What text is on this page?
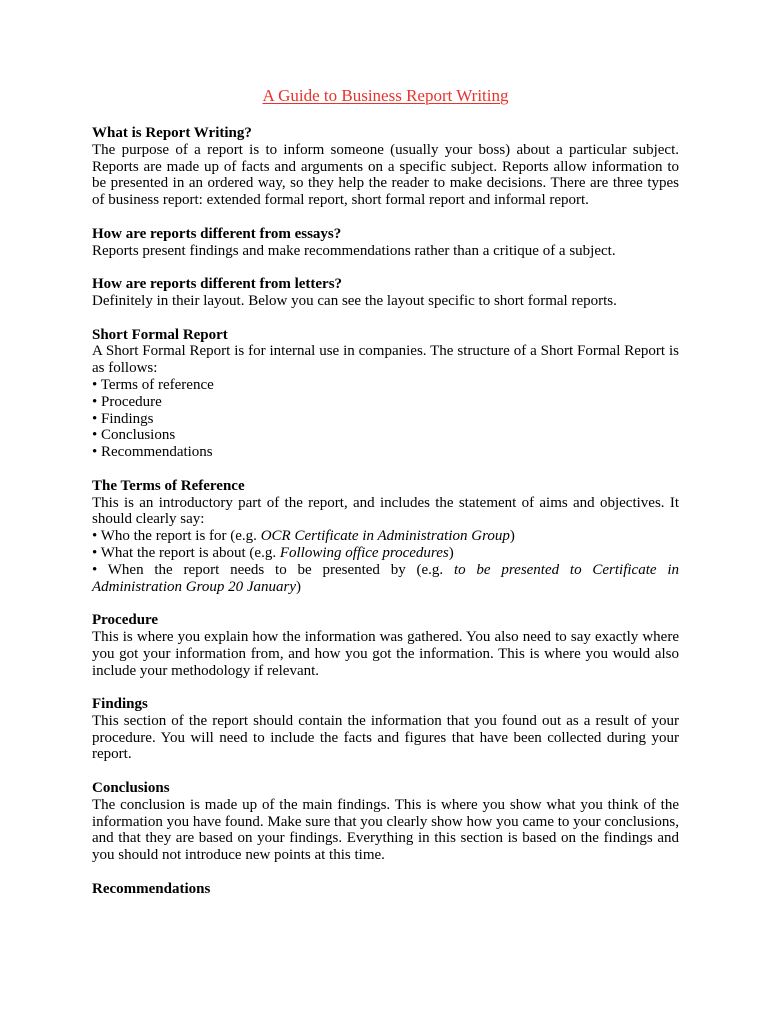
A Guide to Business Report Writing
What is Report Writing?
The purpose of a report is to inform someone (usually your boss) about a particular subject. Reports are made up of facts and arguments on a specific subject. Reports allow information to be presented in an ordered way, so they help the reader to make decisions. There are three types of business report: extended formal report, short formal report and informal report.
How are reports different from essays?
Reports present findings and make recommendations rather than a critique of a subject.
How are reports different from letters?
Definitely in their layout. Below you can see the layout specific to short formal reports.
Short Formal Report
A Short Formal Report is for internal use in companies. The structure of a Short Formal Report is as follows:
• Terms of reference
• Procedure
• Findings
• Conclusions
• Recommendations
The Terms of Reference
This is an introductory part of the report, and includes the statement of aims and objectives. It should clearly say:
• Who the report is for (e.g. OCR Certificate in Administration Group)
• What the report is about (e.g. Following office procedures)
• When the report needs to be presented by (e.g. to be presented to Certificate in
Administration Group 20 January)
Procedure
This is where you explain how the information was gathered. You also need to say exactly where you got your information from, and how you got the information. This is where you would also include your methodology if relevant.
Findings
This section of the report should contain the information that you found out as a result of your procedure. You will need to include the facts and figures that have been collected during your report.
Conclusions
The conclusion is made up of the main findings. This is where you show what you think of the information you have found. Make sure that you clearly show how you came to your conclusions, and that they are based on your findings. Everything in this section is based on the findings and you should not introduce new points at this time.
Recommendations
